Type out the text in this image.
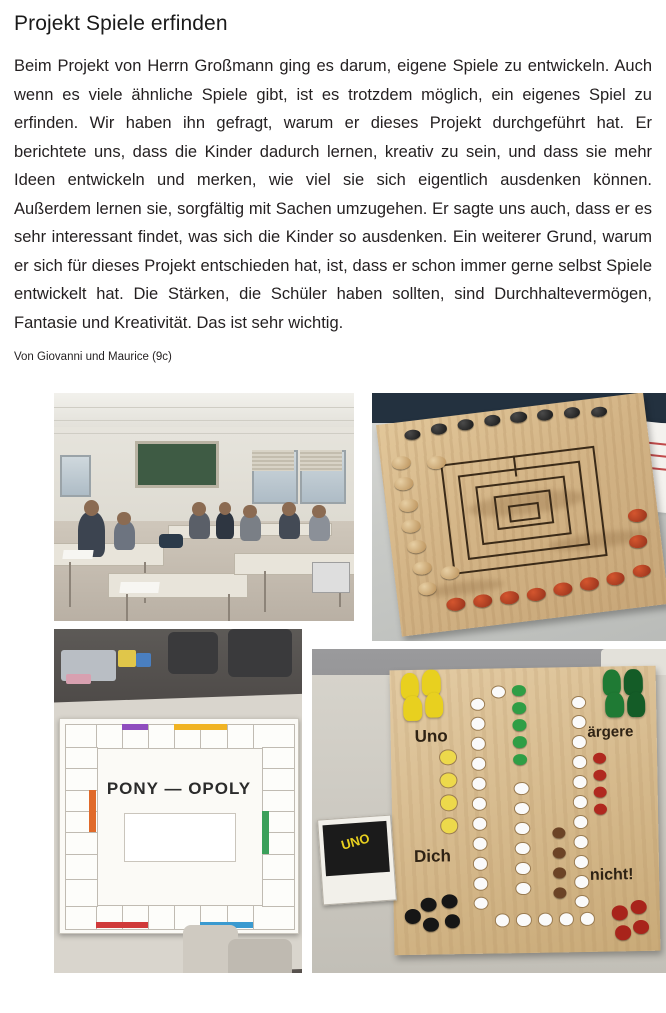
Projekt Spiele erfinden

Beim Projekt von Herrn Großmann ging es darum, eigene Spiele zu entwickeln. Auch wenn es viele ähnliche Spiele gibt, ist es trotzdem möglich, ein eigenes Spiel zu erfinden. Wir haben ihn gefragt, warum er dieses Projekt durchgeführt hat. Er berichtete uns, dass die Kinder dadurch lernen, kreativ zu sein, und dass sie mehr Ideen entwickeln und merken, wie viel sie sich eigentlich ausdenken können. Außerdem lernen sie, sorgfältig mit Sachen umzugehen. Er sagte uns auch, dass er es sehr interessant findet, was sich die Kinder so ausdenken. Ein weiterer Grund, warum er sich für dieses Projekt entschieden hat, ist, dass er schon immer gerne selbst Spiele entwickelt hat. Die Stärken, die Schüler haben sollten, sind Durchhaltevermögen, Fantasie und Kreativität. Das ist sehr wichtig.

Von Giovanni und Maurice (9c)

PONY — OPOLY
Uno	ärgere
Dich
nicht!
UNO
